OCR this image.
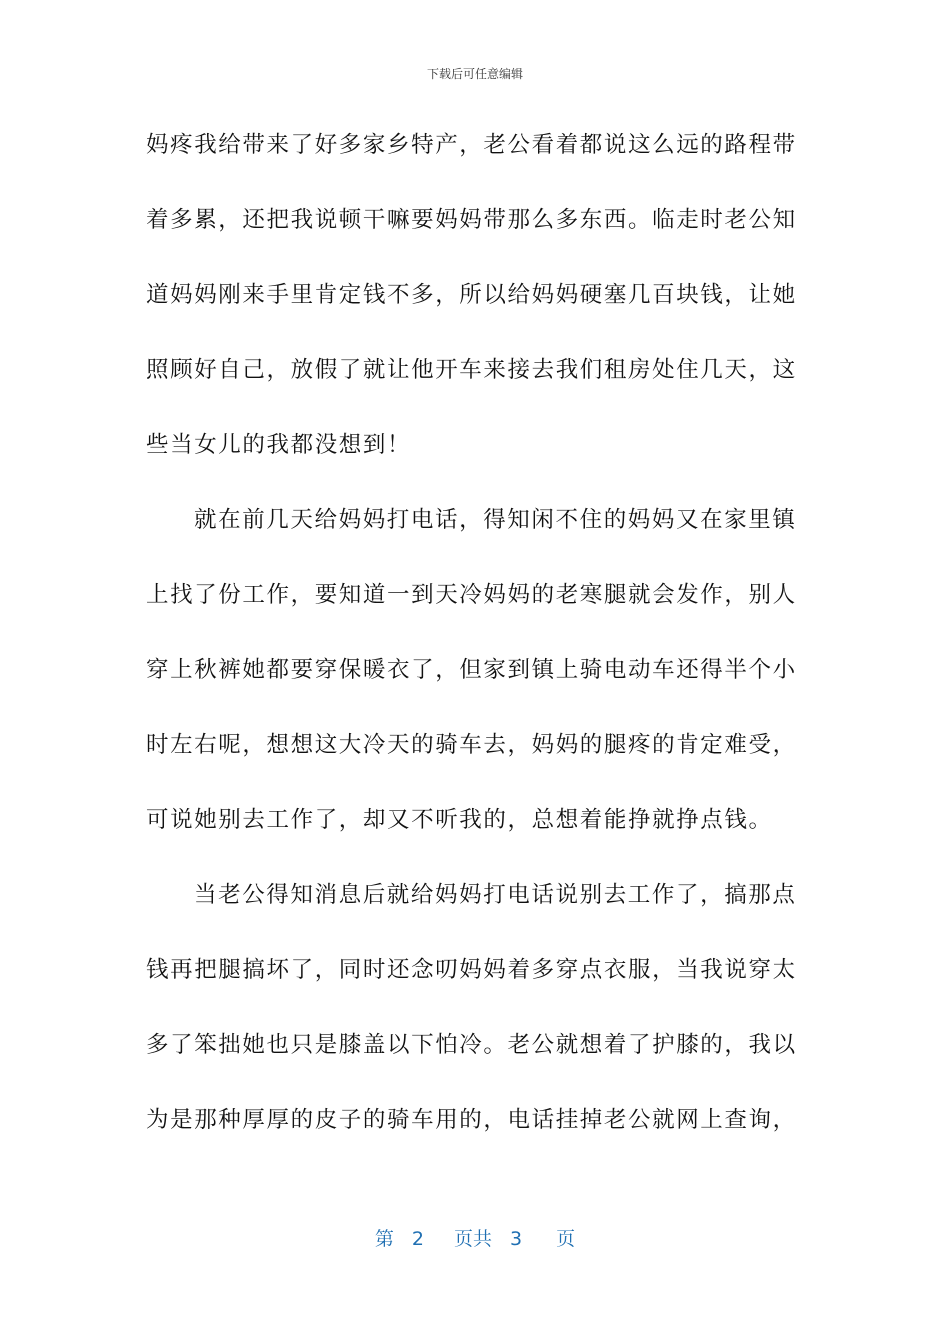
下载后可任意编辑
妈疼我给带来了好多家乡特产，老公看着都说这么远的路程带
着多累，还把我说顿干嘛要妈妈带那么多东西。临走时老公知
道妈妈刚来手里肯定钱不多，所以给妈妈硬塞几百块钱，让她
照顾好自己，放假了就让他开车来接去我们租房处住几天，这
些当女儿的我都没想到！
就在前几天给妈妈打电话，得知闲不住的妈妈又在家里镇
上找了份工作，要知道一到天冷妈妈的老寒腿就会发作，别人
穿上秋裤她都要穿保暖衣了，但家到镇上骑电动车还得半个小
时左右呢，想想这大冷天的骑车去，妈妈的腿疼的肯定难受，
可说她别去工作了，却又不听我的，总想着能挣就挣点钱。
当老公得知消息后就给妈妈打电话说别去工作了，搞那点
钱再把腿搞坏了，同时还念叨妈妈着多穿点衣服，当我说穿太
多了笨拙她也只是膝盖以下怕冷。老公就想着了护膝的，我以
为是那种厚厚的皮子的骑车用的，电话挂掉老公就网上查询，
第 2 页共 3 页
